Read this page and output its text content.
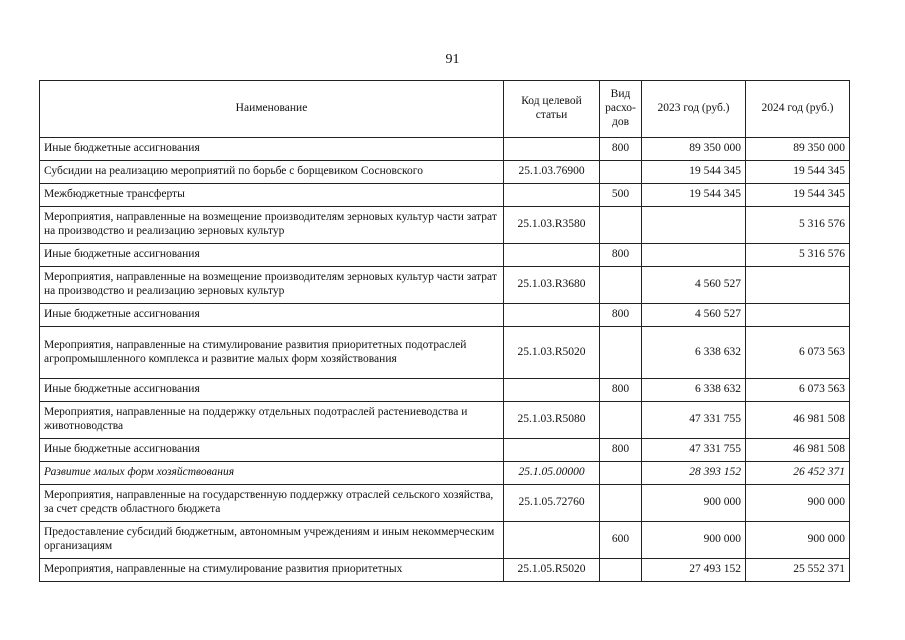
91
Наименование	Код целевой статьи	Вид расхо-дов	2023 год (руб.)	2024 год (руб.)
Иные бюджетные ассигнования		800	89 350 000	89 350 000
Субсидии на реализацию мероприятий по борьбе с борщевиком Сосновского	25.1.03.76900		19 544 345	19 544 345
Межбюджетные трансферты		500	19 544 345	19 544 345
Мероприятия, направленные на возмещение производителям зерновых культур части затрат на производство и реализацию зерновых культур	25.1.03.R3580			5 316 576
Иные бюджетные ассигнования		800		5 316 576
Мероприятия, направленные на возмещение производителям зерновых культур части затрат на производство и реализацию зерновых культур	25.1.03.R3680		4 560 527	
Иные бюджетные ассигнования		800	4 560 527	
Мероприятия, направленные на стимулирование развития приоритетных подотраслей агропромышленного комплекса и развитие малых форм хозяйствования	25.1.03.R5020		6 338 632	6 073 563
Иные бюджетные ассигнования		800	6 338 632	6 073 563
Мероприятия, направленные на поддержку отдельных подотраслей растениеводства и животноводства	25.1.03.R5080		47 331 755	46 981 508
Иные бюджетные ассигнования		800	47 331 755	46 981 508
Развитие малых форм хозяйствования	25.1.05.00000		28 393 152	26 452 371
Мероприятия, направленные на государственную поддержку отраслей сельского хозяйства, за счет средств областного бюджета	25.1.05.72760		900 000	900 000
Предоставление субсидий бюджетным, автономным учреждениям и иным некоммерческим организациям		600	900 000	900 000
Мероприятия, направленные на стимулирование развития приоритетных	25.1.05.R5020		27 493 152	25 552 371
